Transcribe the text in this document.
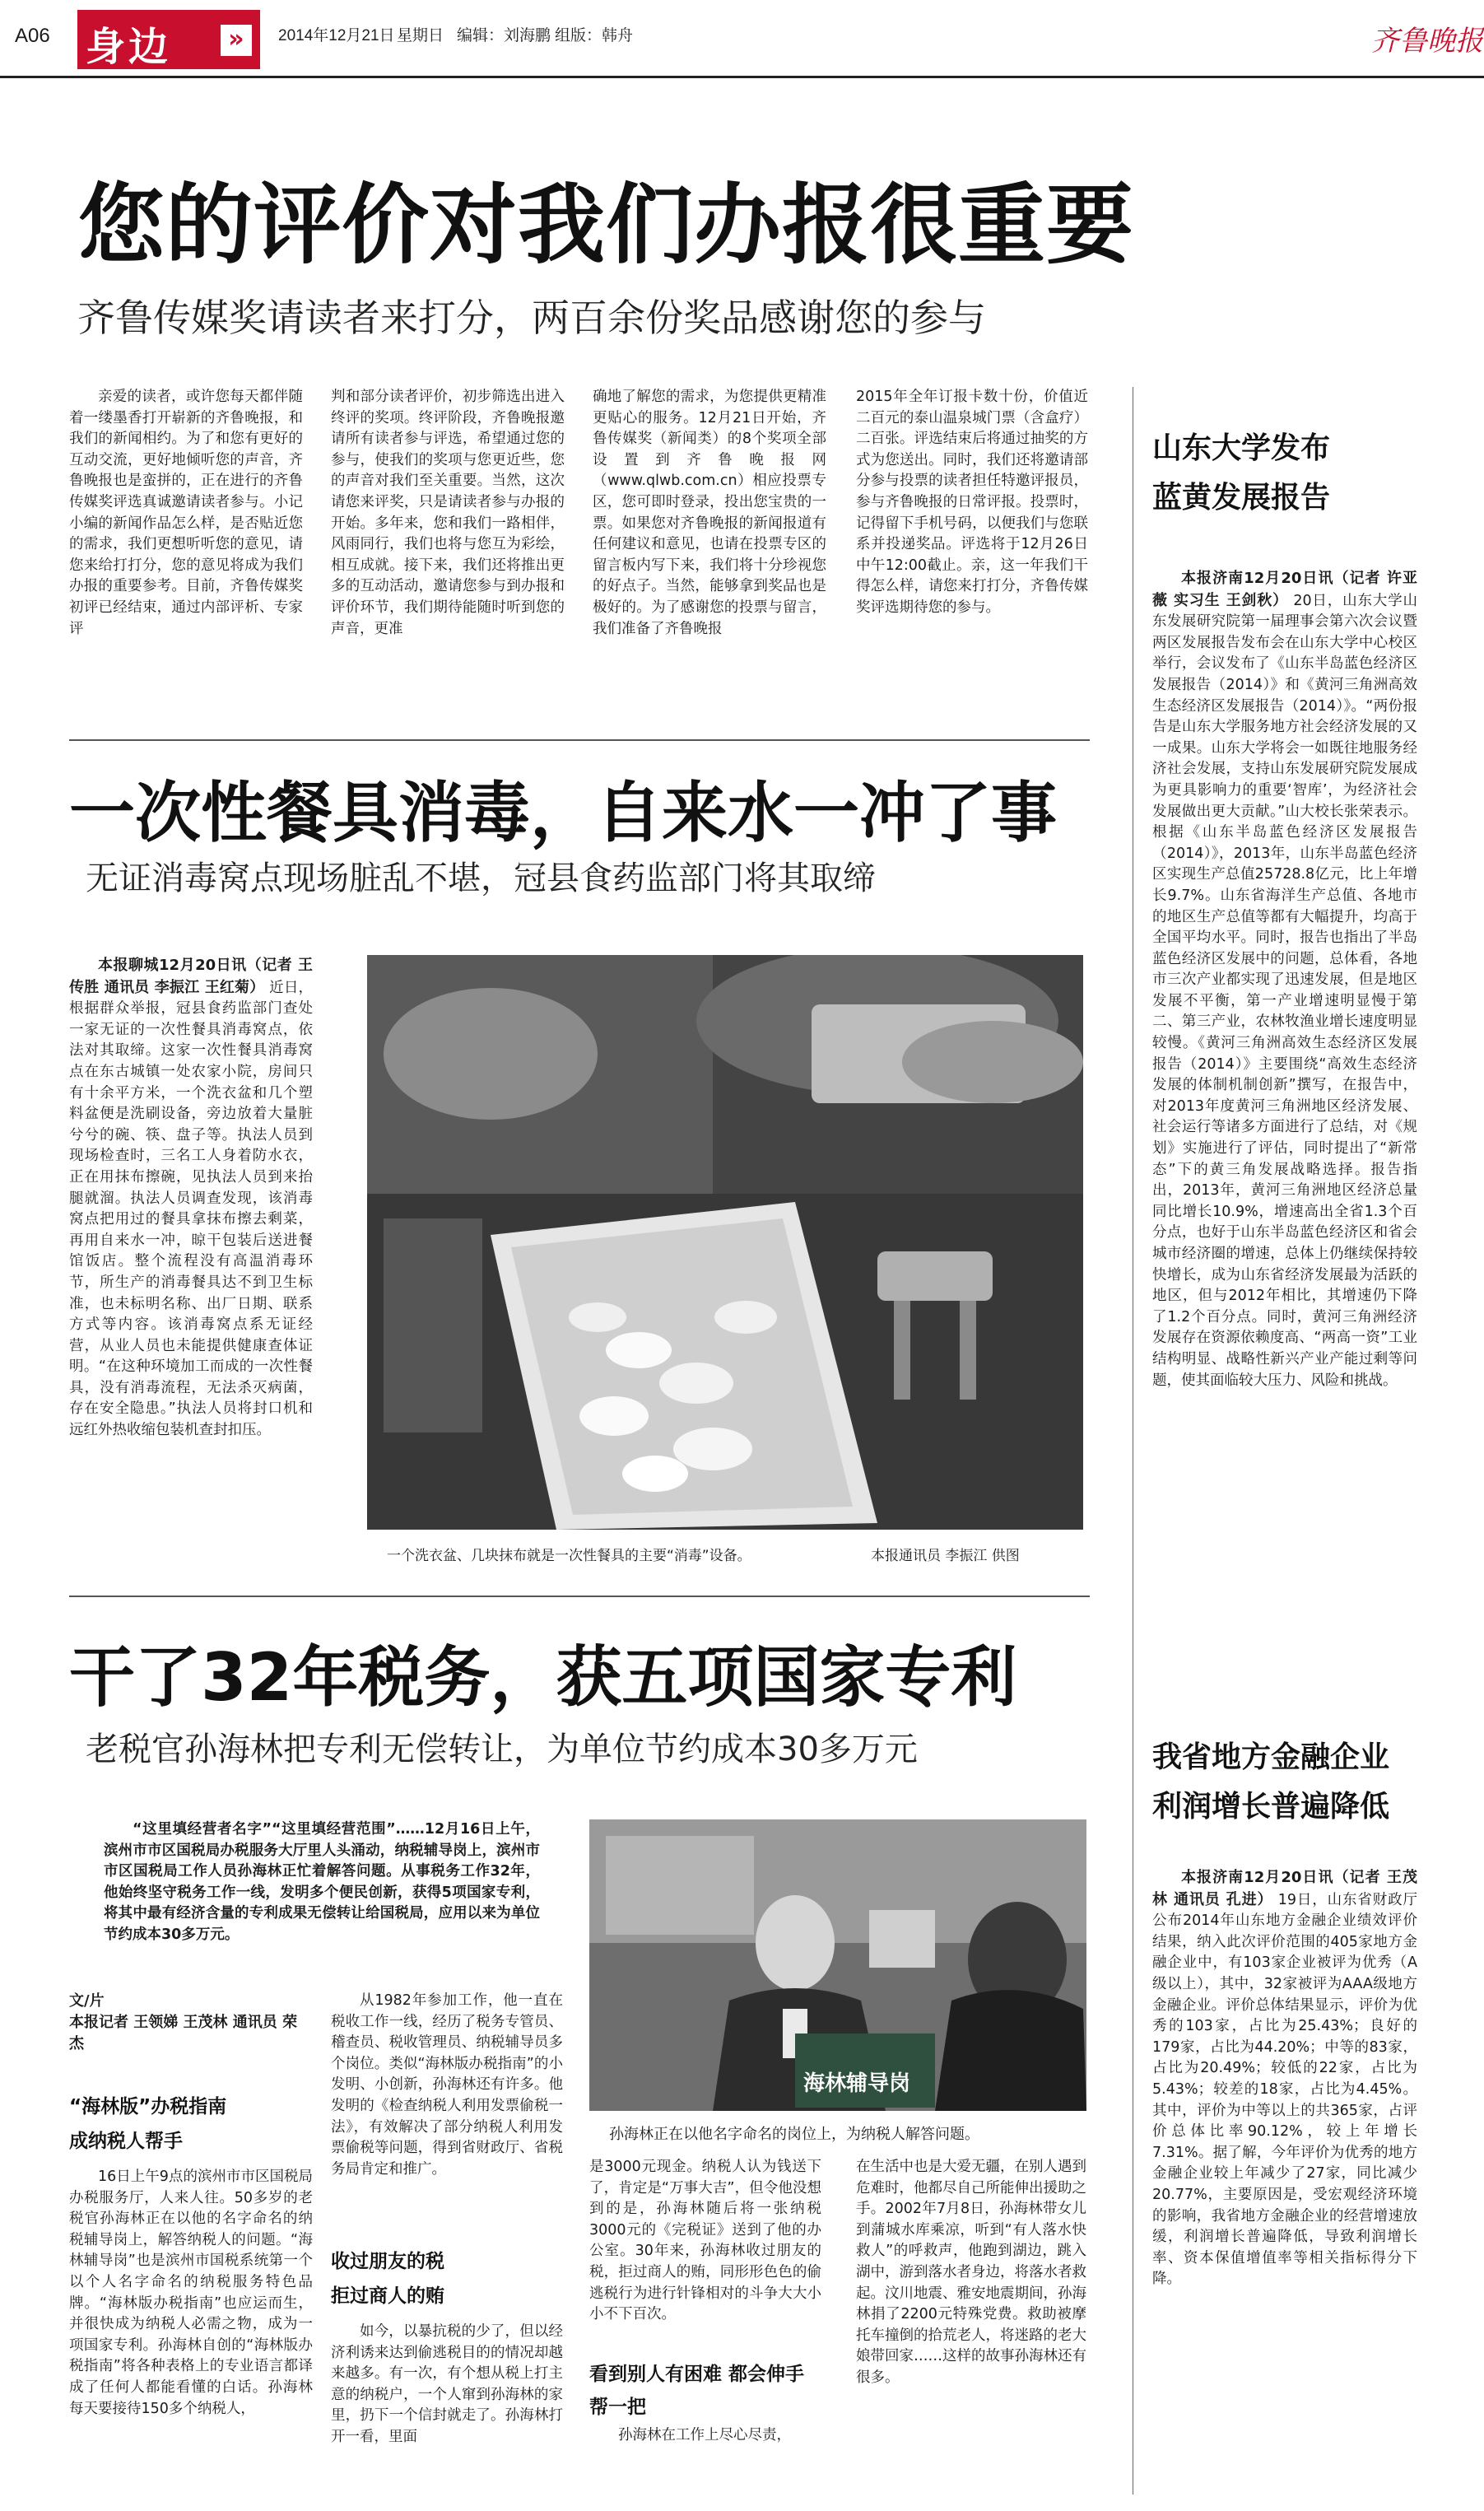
A06 身边	»	2014年12月21日 星期日 编辑：刘海鹏 组版：韩舟	齐鲁晚报
您的评价对我们办报很重要
齐鲁传媒奖请读者来打分，两百余份奖品感谢您的参与
亲爱的读者，或许您每天都伴随着一缕墨香打开崭新的齐鲁晚报，和我们的新闻相约。为了和您有更好的互动交流，更好地倾听您的声音，齐鲁晚报也是蛮拼的，正在进行的齐鲁传媒奖评选真诚邀请读者参与。小记小编的新闻作品怎么样，是否贴近您的需求，我们更想听听您的意见，请您来给打打分，您的意见将成为我们办报的重要参考。目前，齐鲁传媒奖初评已经结束，通过内部评析、专家评
判和部分读者评价，初步筛选出进入终评的奖项。终评阶段，齐鲁晚报邀请所有读者参与评选，希望通过您的参与，使我们的奖项与您更近些，您的声音对我们至关重要。当然，这次请您来评奖，只是请读者参与办报的开始。多年来，您和我们一路相伴，风雨同行，我们也将与您互为彩绘，相互成就。接下来，我们还将推出更多的互动活动，邀请您参与到办报和评价环节，我们期待能随时听到您的声音，更准
确地了解您的需求，为您提供更精准更贴心的服务。12月21日开始，齐鲁传媒奖（新闻类）的8个奖项全部设置到齐鲁晚报网（www.qlwb.com.cn）相应投票专区，您可即时登录，投出您宝贵的一票。如果您对齐鲁晚报的新闻报道有任何建议和意见，也请在投票专区的留言板内写下来，我们将十分珍视您的好点子。当然，能够拿到奖品也是极好的。为了感谢您的投票与留言，我们准备了齐鲁晚报
2015年全年订报卡数十份，价值近二百元的泰山温泉城门票（含盒疗）二百张。评选结束后将通过抽奖的方式为您送出。同时，我们还将邀请部分参与投票的读者担任特邀评报员，参与齐鲁晚报的日常评报。投票时，记得留下手机号码，以便我们与您联系并投递奖品。评选将于12月26日中午12:00截止。亲，这一年我们干得怎么样，请您来打打分，齐鲁传媒奖评选期待您的参与。
一次性餐具消毒，自来水一冲了事
无证消毒窝点现场脏乱不堪，冠县食药监部门将其取缔
本报聊城12月20日讯（记者 王传胜 通讯员 李振江 王红菊） 近日，根据群众举报，冠县食药监部门查处一家无证的一次性餐具消毒窝点，依法对其取缔。这家一次性餐具消毒窝点在东古城镇一处农家小院，房间只有十余平方米，一个洗衣盆和几个塑料盆便是洗刷设备，旁边放着大量脏兮兮的碗、筷、盘子等。执法人员到现场检查时，三名工人身着防水衣，正在用抹布擦碗，见执法人员到来抬腿就溜。执法人员调查发现，该消毒窝点把用过的餐具拿抹布擦去剩菜，再用自来水一冲，晾干包装后送进餐馆饭店。整个流程没有高温消毒环节，所生产的消毒餐具达不到卫生标准，也未标明名称、出厂日期、联系方式等内容。该消毒窝点系无证经营，从业人员也未能提供健康查体证明。“在这种环境加工而成的一次性餐具，没有消毒流程，无法杀灭病菌，存在安全隐患。”执法人员将封口机和远红外热收缩包装机查封扣压。
一个洗衣盆、几块抹布就是一次性餐具的主要“消毒”设备。	本报通讯员 李振江 供图
干了32年税务，获五项国家专利
老税官孙海林把专利无偿转让，为单位节约成本30多万元
“这里填经营者名字”“这里填经营范围”……12月16日上午，滨州市市区国税局办税服务大厅里人头涌动，纳税辅导岗上，滨州市市区国税局工作人员孙海林正忙着解答问题。从事税务工作32年，他始终坚守税务工作一线，发明多个便民创新，获得5项国家专利，将其中最有经济含量的专利成果无偿转让给国税局，应用以来为单位节约成本30多万元。
文/片
本报记者 王领娣 王茂林 通讯员 荣杰
“海林版”办税指南
成纳税人帮手
16日上午9点的滨州市市区国税局办税服务厅，人来人往。50多岁的老税官孙海林正在以他的名字命名的纳税辅导岗上，解答纳税人的问题。“海林辅导岗”也是滨州市国税系统第一个以个人名字命名的纳税服务特色品牌。“海林版办税指南”也应运而生，并很快成为纳税人必需之物，成为一项国家专利。孙海林自创的“海林版办税指南”将各种表格上的专业语言都译成了任何人都能看懂的白话。孙海林每天要接待150多个纳税人，
从1982年参加工作，他一直在税收工作一线，经历了税务专管员、稽查员、税收管理员、纳税辅导员多个岗位。类似“海林版办税指南”的小发明、小创新，孙海林还有许多。他发明的《检查纳税人利用发票偷税一法》，有效解决了部分纳税人利用发票偷税等问题，得到省财政厅、省税务局肯定和推广。
收过朋友的税
拒过商人的贿
如今，以暴抗税的少了，但以经济利诱来达到偷逃税目的的情况却越来越多。有一次，有个想从税上打主意的纳税户，一个人窜到孙海林的家里，扔下一个信封就走了。孙海林打开一看，里面
海林辅导岗
孙海林正在以他名字命名的岗位上，为纳税人解答问题。
是3000元现金。纳税人认为钱送下了，肯定是“万事大吉”，但令他没想到的是，孙海林随后将一张纳税3000元的《完税证》送到了他的办公室。30年来，孙海林收过朋友的税，拒过商人的贿，同形形色色的偷逃税行为进行针锋相对的斗争大大小小不下百次。
看到别人有困难 都会伸手帮一把
孙海林在工作上尽心尽责，
在生活中也是大爱无疆，在别人遇到危难时，他都尽自己所能伸出援助之手。2002年7月8日，孙海林带女儿到蒲城水库乘凉，听到“有人落水快救人”的呼救声，他跑到湖边，跳入湖中，游到落水者身边，将落水者救起。汶川地震、雅安地震期间，孙海林捐了2200元特殊党费。救助被摩托车撞倒的拾荒老人，将迷路的老大娘带回家……这样的故事孙海林还有很多。
山东大学发布
蓝黄发展报告
本报济南12月20日讯（记者 许亚薇 实习生 王剑秋） 20日，山东大学山东发展研究院第一届理事会第六次会议暨两区发展报告发布会在山东大学中心校区举行，会议发布了《山东半岛蓝色经济区发展报告（2014）》和《黄河三角洲高效生态经济区发展报告（2014）》。“两份报告是山东大学服务地方社会经济发展的又一成果。山东大学将会一如既往地服务经济社会发展，支持山东发展研究院发展成为更具影响力的重要‘智库’，为经济社会发展做出更大贡献。”山大校长张荣表示。根据《山东半岛蓝色经济区发展报告（2014）》，2013年，山东半岛蓝色经济区实现生产总值25728.8亿元，比上年增长9.7%。山东省海洋生产总值、各地市的地区生产总值等都有大幅提升，均高于全国平均水平。同时，报告也指出了半岛蓝色经济区发展中的问题，总体看，各地市三次产业都实现了迅速发展，但是地区发展不平衡，第一产业增速明显慢于第二、第三产业，农林牧渔业增长速度明显较慢。《黄河三角洲高效生态经济区发展报告（2014）》主要围绕“高效生态经济发展的体制机制创新”撰写，在报告中，对2013年度黄河三角洲地区经济发展、社会运行等诸多方面进行了总结，对《规划》实施进行了评估，同时提出了“新常态”下的黄三角发展战略选择。报告指出，2013年，黄河三角洲地区经济总量同比增长10.9%，增速高出全省1.3个百分点，也好于山东半岛蓝色经济区和省会城市经济圈的增速，总体上仍继续保持较快增长，成为山东省经济发展最为活跃的地区，但与2012年相比，其增速仍下降了1.2个百分点。同时，黄河三角洲经济发展存在资源依赖度高、“两高一资”工业结构明显、战略性新兴产业产能过剩等问题，使其面临较大压力、风险和挑战。
我省地方金融企业
利润增长普遍降低
本报济南12月20日讯（记者 王茂林 通讯员 孔进） 19日，山东省财政厅公布2014年山东地方金融企业绩效评价结果，纳入此次评价范围的405家地方金融企业中，有103家企业被评为优秀（A级以上），其中，32家被评为AAA级地方金融企业。评价总体结果显示，评价为优秀的103家，占比为25.43%；良好的179家，占比为44.20%；中等的83家，占比为20.49%；较低的22家，占比为5.43%；较差的18家，占比为4.45%。其中，评价为中等以上的共365家，占评价总体比率90.12%，较上年增长7.31%。据了解，今年评价为优秀的地方金融企业较上年减少了27家，同比减少20.77%，主要原因是，受宏观经济环境的影响，我省地方金融企业的经营增速放缓，利润增长普遍降低，导致利润增长率、资本保值增值率等相关指标得分下降。
